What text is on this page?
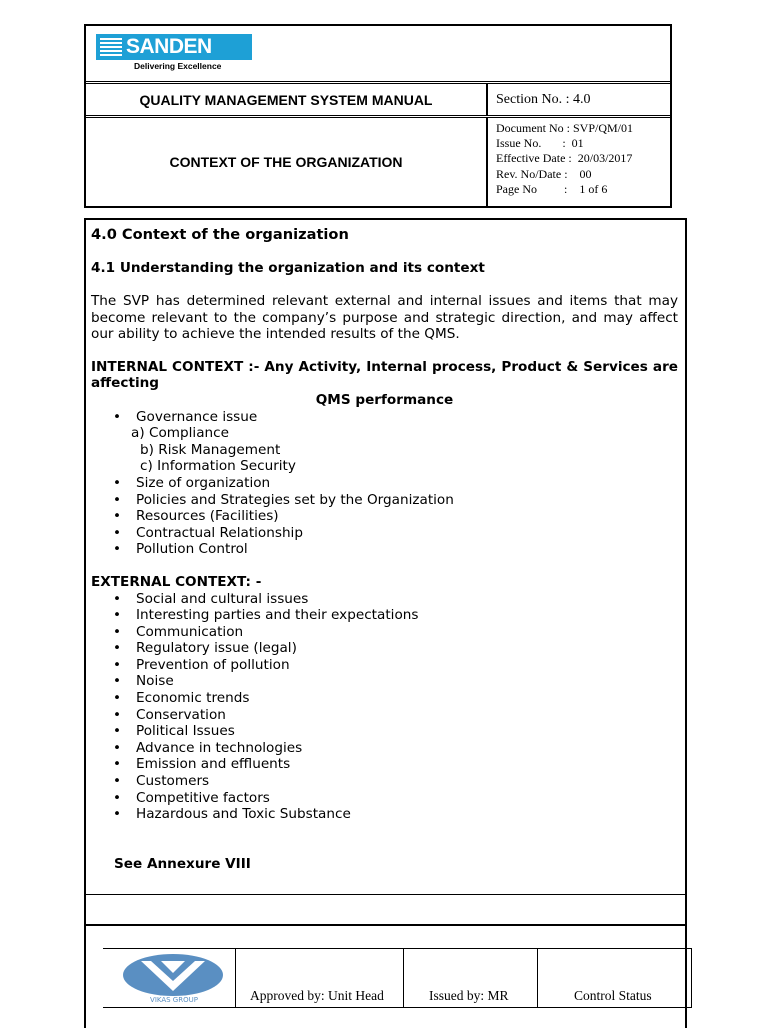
SANDEN
Delivering Excellence
QUALITY MANAGEMENT SYSTEM MANUAL	Section No. : 4.0
CONTEXT OF THE ORGANIZATION
Document No : SVP/QM/01
Issue No.       : 01
Effective Date : 20/03/2017
Rev. No/Date : 00
Page No         : 1 of 6
4.0 Context of the organization
4.1 Understanding the organization and its context

The SVP has determined relevant external and internal issues and items that may become relevant to the company’s purpose and strategic direction, and may affect our ability to achieve the intended results of the QMS.

INTERNAL CONTEXT :- Any Activity, Internal process, Product & Services are affecting

QMS performance
• Governance issue
a) Compliance
b) Risk Management
c) Information Security
• Size of organization
• Policies and Strategies set by the Organization
• Resources (Facilities)
• Contractual Relationship
• Pollution Control
EXTERNAL CONTEXT: -
• Social and cultural issues
• Interesting parties and their expectations
• Communication
• Regulatory issue (legal)
• Prevention of pollution
• Noise
• Economic trends
• Conservation
• Political Issues
• Advance in technologies
• Emission and effluents
• Customers
• Competitive factors
• Hazardous and Toxic Substance
See Annexure VIII
VIKAS GROUP	Approved by: Unit Head	Issued by: MR	Control Status
